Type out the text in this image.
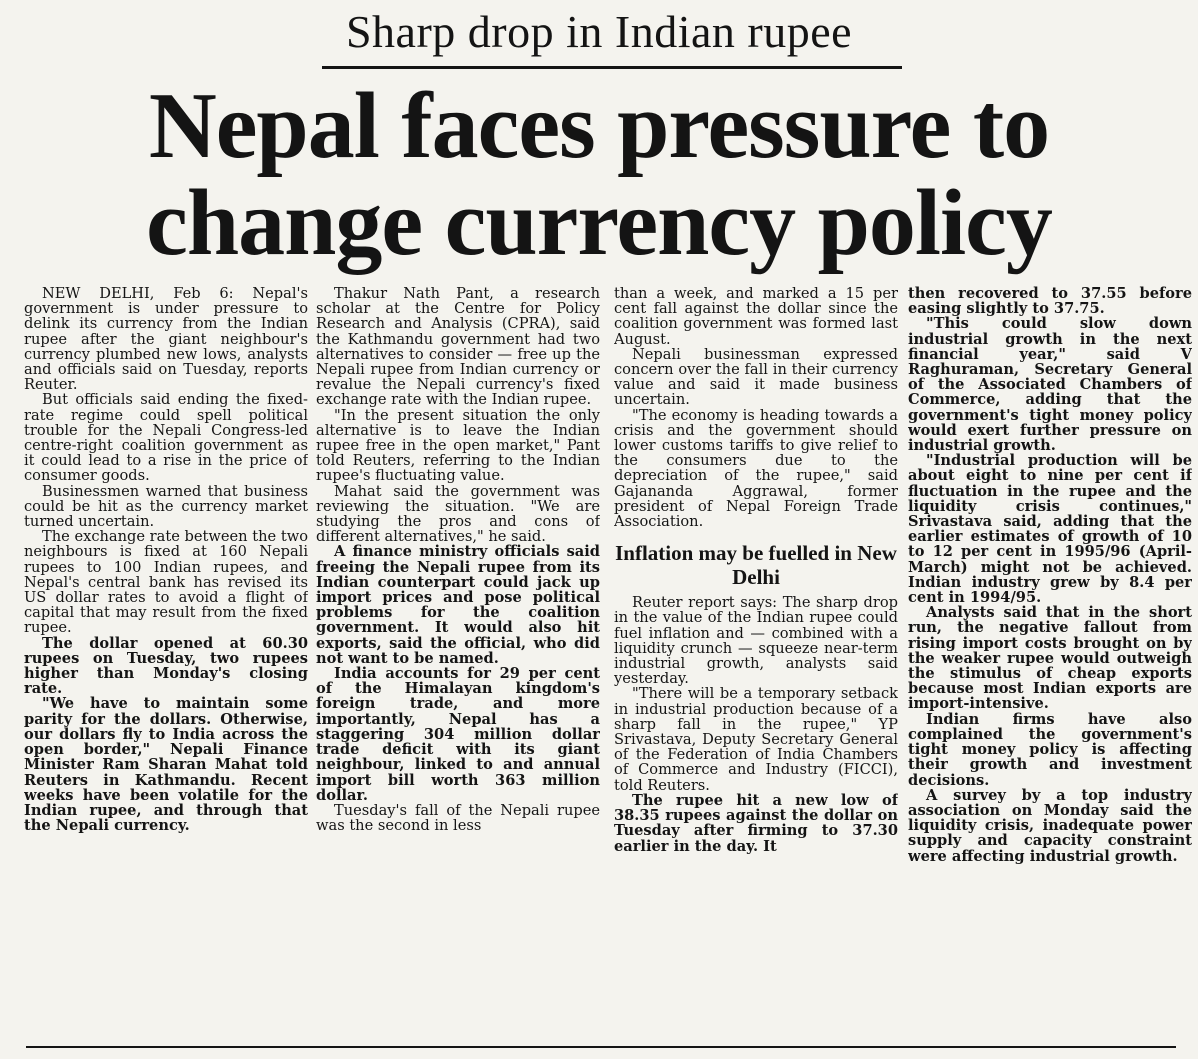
Sharp drop in Indian rupee
Nepal faces pressure to
change currency policy

NEW DELHI, Feb 6: Nepal's government is under pressure to delink its currency from the Indian rupee after the giant neighbour's currency plumbed new lows, analysts and officials said on Tuesday, reports Reuter.

But officials said ending the fixed-rate regime could spell political trouble for the Nepali Congress-led centre-right coalition government as it could lead to a rise in the price of consumer goods.

Businessmen warned that business could be hit as the currency market turned uncertain.

The exchange rate between the two neighbours is fixed at 160 Nepali rupees to 100 Indian rupees, and Nepal's central bank has revised its US dollar rates to avoid a flight of capital that may result from the fixed rupee.

The dollar opened at 60.30 rupees on Tuesday, two rupees higher than Monday's closing rate.

"We have to maintain some parity for the dollars. Otherwise, our dollars fly to India across the open border," Nepali Finance Minister Ram Sharan Mahat told Reuters in Kathmandu. Recent weeks have been volatile for the Indian rupee, and through that the Nepali currency.

Thakur Nath Pant, a research scholar at the Centre for Policy Research and Analysis (CPRA), said the Kathmandu government had two alternatives to consider — free up the Nepali rupee from Indian currency or revalue the Nepali currency's fixed exchange rate with the Indian rupee.

"In the present situation the only alternative is to leave the Indian rupee free in the open market," Pant told Reuters, referring to the Indian rupee's fluctuating value.

Mahat said the government was reviewing the situation. "We are studying the pros and cons of different alternatives," he said.

A finance ministry officials said freeing the Nepali rupee from its Indian counterpart could jack up import prices and pose political problems for the coalition government. It would also hit exports, said the official, who did not want to be named.

India accounts for 29 per cent of the Himalayan kingdom's foreign trade, and more importantly, Nepal has a staggering 304 million dollar trade deficit with its giant neighbour, linked to and annual import bill worth 363 million dollar.

Tuesday's fall of the Nepali rupee was the second in less

than a week, and marked a 15 per cent fall against the dollar since the coalition government was formed last August.

Nepali businessman expressed concern over the fall in their currency value and said it made business uncertain.

"The economy is heading towards a crisis and the government should lower customs tariffs to give relief to the consumers due to the depreciation of the rupee," said Gajananda Aggrawal, former president of Nepal Foreign Trade Association.

Inflation may be fuelled in New Delhi

Reuter report says: The sharp drop in the value of the Indian rupee could fuel inflation and — combined with a liquidity crunch — squeeze near-term industrial growth, analysts said yesterday.

"There will be a temporary setback in industrial production because of a sharp fall in the rupee," YP Srivastava, Deputy Secretary General of the Federation of India Chambers of Commerce and Industry (FICCI), told Reuters.

The rupee hit a new low of 38.35 rupees against the dollar on Tuesday after firming to 37.30 earlier in the day. It

then recovered to 37.55 before easing slightly to 37.75.

"This could slow down industrial growth in the next financial year," said V Raghuraman, Secretary General of the Associated Chambers of Commerce, adding that the government's tight money policy would exert further pressure on industrial growth.

"Industrial production will be about eight to nine per cent if fluctuation in the rupee and the liquidity crisis continues," Srivastava said, adding that the earlier estimates of growth of 10 to 12 per cent in 1995/96 (April-March) might not be achieved. Indian industry grew by 8.4 per cent in 1994/95.

Analysts said that in the short run, the negative fallout from rising import costs brought on by the weaker rupee would outweigh the stimulus of cheap exports because most Indian exports are import-intensive.

Indian firms have also complained the government's tight money policy is affecting their growth and investment decisions.

A survey by a top industry association on Monday said the liquidity crisis, inadequate power supply and capacity constraint were affecting industrial growth.
